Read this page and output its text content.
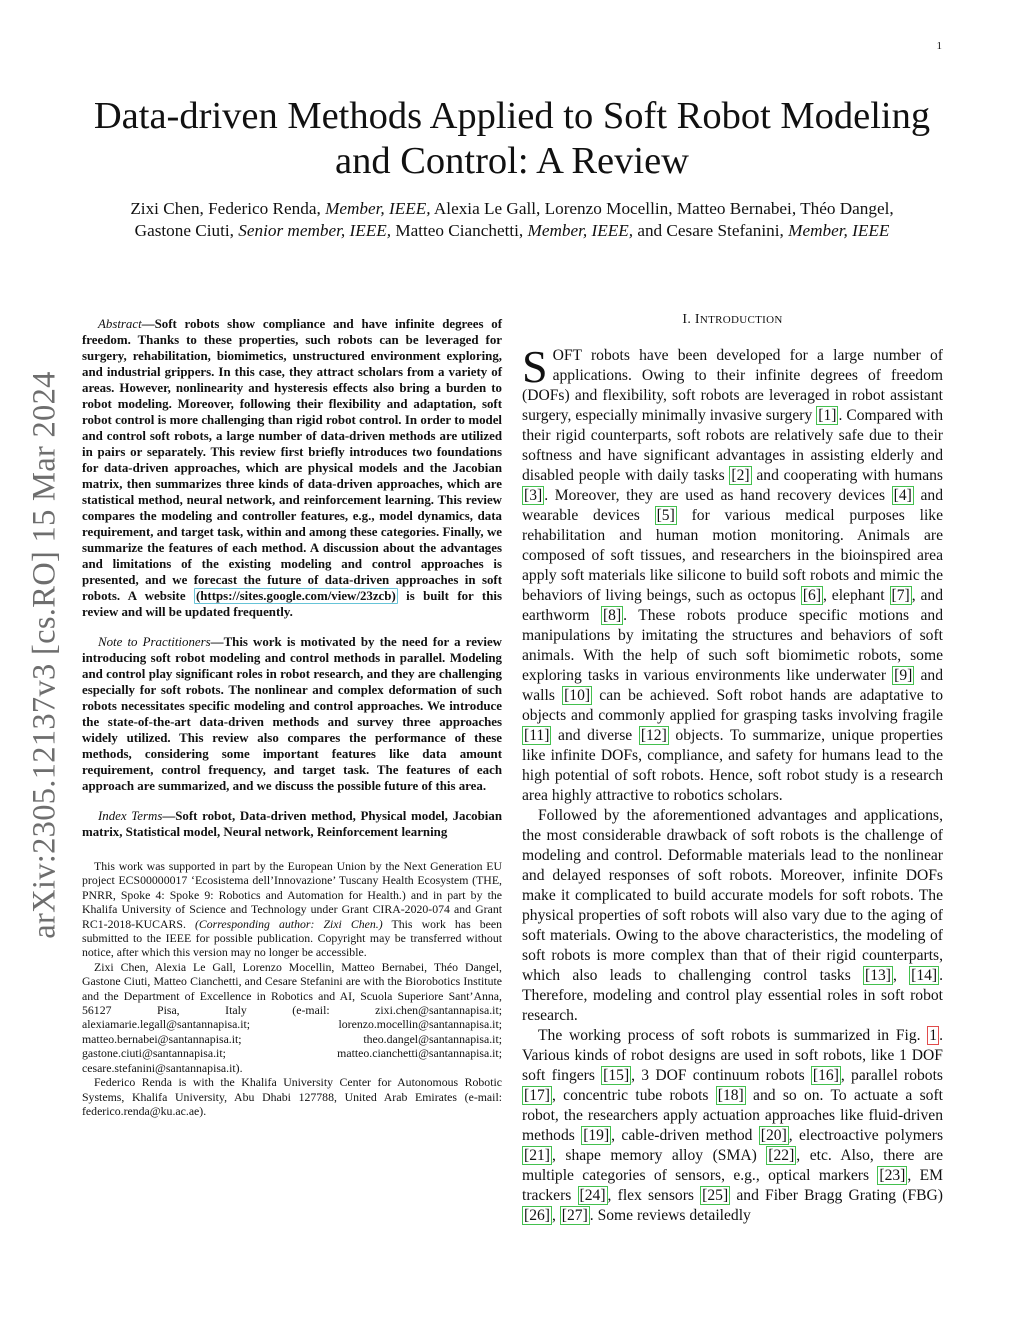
1
arXiv:2305.12137v3 [cs.RO] 15 Mar 2024
Data-driven Methods Applied to Soft Robot Modeling and Control: A Review
Zixi Chen, Federico Renda, Member, IEEE, Alexia Le Gall, Lorenzo Mocellin, Matteo Bernabei, Théo Dangel,
Gastone Ciuti, Senior member, IEEE, Matteo Cianchetti, Member, IEEE, and Cesare Stefanini, Member, IEEE

Abstract—Soft robots show compliance and have infinite degrees of freedom. Thanks to these properties, such robots can be leveraged for surgery, rehabilitation, biomimetics, unstructured environment exploring, and industrial grippers. In this case, they attract scholars from a variety of areas. However, nonlinearity and hysteresis effects also bring a burden to robot modeling. Moreover, following their flexibility and adaptation, soft robot control is more challenging than rigid robot control. In order to model and control soft robots, a large number of data-driven methods are utilized in pairs or separately. This review first briefly introduces two foundations for data-driven approaches, which are physical models and the Jacobian matrix, then summarizes three kinds of data-driven approaches, which are statistical method, neural network, and reinforcement learning. This review compares the modeling and controller features, e.g., model dynamics, data requirement, and target task, within and among these categories. Finally, we summarize the features of each method. A discussion about the advantages and limitations of the existing modeling and control approaches is presented, and we forecast the future of data-driven approaches in soft robots. A website (https://sites.google.com/view/23zcb) is built for this review and will be updated frequently.

Note to Practitioners—This work is motivated by the need for a review introducing soft robot modeling and control methods in parallel. Modeling and control play significant roles in robot research, and they are challenging especially for soft robots. The nonlinear and complex deformation of such robots necessitates specific modeling and control approaches. We introduce the state-of-the-art data-driven methods and survey three approaches widely utilized. This review also compares the performance of these methods, considering some important features like data amount requirement, control frequency, and target task. The features of each approach are summarized, and we discuss the possible future of this area.

Index Terms—Soft robot, Data-driven method, Physical model, Jacobian matrix, Statistical model, Neural network, Reinforcement learning

This work was supported in part by the European Union by the Next Generation EU project ECS00000017 ‘Ecosistema dell’Innovazione’ Tuscany Health Ecosystem (THE, PNRR, Spoke 4: Spoke 9: Robotics and Automation for Health.) and in part by the Khalifa University of Science and Technology under Grant CIRA-2020-074 and Grant RC1-2018-KUCARS. (Corresponding author: Zixi Chen.) This work has been submitted to the IEEE for possible publication. Copyright may be transferred without notice, after which this version may no longer be accessible.

Zixi Chen, Alexia Le Gall, Lorenzo Mocellin, Matteo Bernabei, Théo Dangel, Gastone Ciuti, Matteo Cianchetti, and Cesare Stefanini are with the Biorobotics Institute and the Department of Excellence in Robotics and AI, Scuola Superiore Sant’Anna, 56127 Pisa, Italy (e-mail: zixi.chen@santannapisa.it; alexiamarie.legall@santannapisa.it; lorenzo.mocellin@santannapisa.it; matteo.bernabei@santannapisa.it; theo.dangel@santannapisa.it; gastone.ciuti@santannapisa.it; matteo.cianchetti@santannapisa.it; cesare.stefanini@santannapisa.it).

Federico Renda is with the Khalifa University Center for Autonomous Robotic Systems, Khalifa University, Abu Dhabi 127788, United Arab Emirates (e-mail: federico.renda@ku.ac.ae).

I. INTRODUCTION

SOFT robots have been developed for a large number of applications. Owing to their infinite degrees of freedom (DOFs) and flexibility, soft robots are leveraged in robot assistant surgery, especially minimally invasive surgery [1] . Compared with their rigid counterparts, soft robots are relatively safe due to their softness and have significant advantages in assisting elderly and disabled people with daily tasks [2] and cooperating with humans [3] . Moreover, they are used as hand recovery devices [4] and wearable devices [5] for various medical purposes like rehabilitation and human motion monitoring. Animals are composed of soft tissues, and researchers in the bioinspired area apply soft materials like silicone to build soft robots and mimic the behaviors of living beings, such as octopus [6] , elephant [7] , and earthworm [8] . These robots produce specific motions and manipulations by imitating the structures and behaviors of soft animals. With the help of such soft biomimetic robots, some exploring tasks in various environments like underwater [9] and walls [10] can be achieved. Soft robot hands are adaptative to objects and commonly applied for grasping tasks involving fragile [11] and diverse [12] objects. To summarize, unique properties like infinite DOFs, compliance, and safety for humans lead to the high potential of soft robots. Hence, soft robot study is a research area highly attractive to robotics scholars.

Followed by the aforementioned advantages and applications, the most considerable drawback of soft robots is the challenge of modeling and control. Deformable materials lead to the nonlinear and delayed responses of soft robots. Moreover, infinite DOFs make it complicated to build accurate models for soft robots. The physical properties of soft robots will also vary due to the aging of soft materials. Owing to the above characteristics, the modeling of soft robots is more complex than that of their rigid counterparts, which also leads to challenging control tasks [13] , [14] . Therefore, modeling and control play essential roles in soft robot research.

The working process of soft robots is summarized in Fig. 1 . Various kinds of robot designs are used in soft robots, like 1 DOF soft fingers [15] , 3 DOF continuum robots [16] , parallel robots [17] , concentric tube robots [18] and so on. To actuate a soft robot, the researchers apply actuation approaches like fluid-driven methods [19] , cable-driven method [20] , electroactive polymers [21] , shape memory alloy (SMA) [22] , etc. Also, there are multiple categories of sensors, e.g., optical markers [23] , EM trackers [24] , flex sensors [25] and Fiber Bragg Grating (FBG) [26] , [27] . Some reviews detailedly
